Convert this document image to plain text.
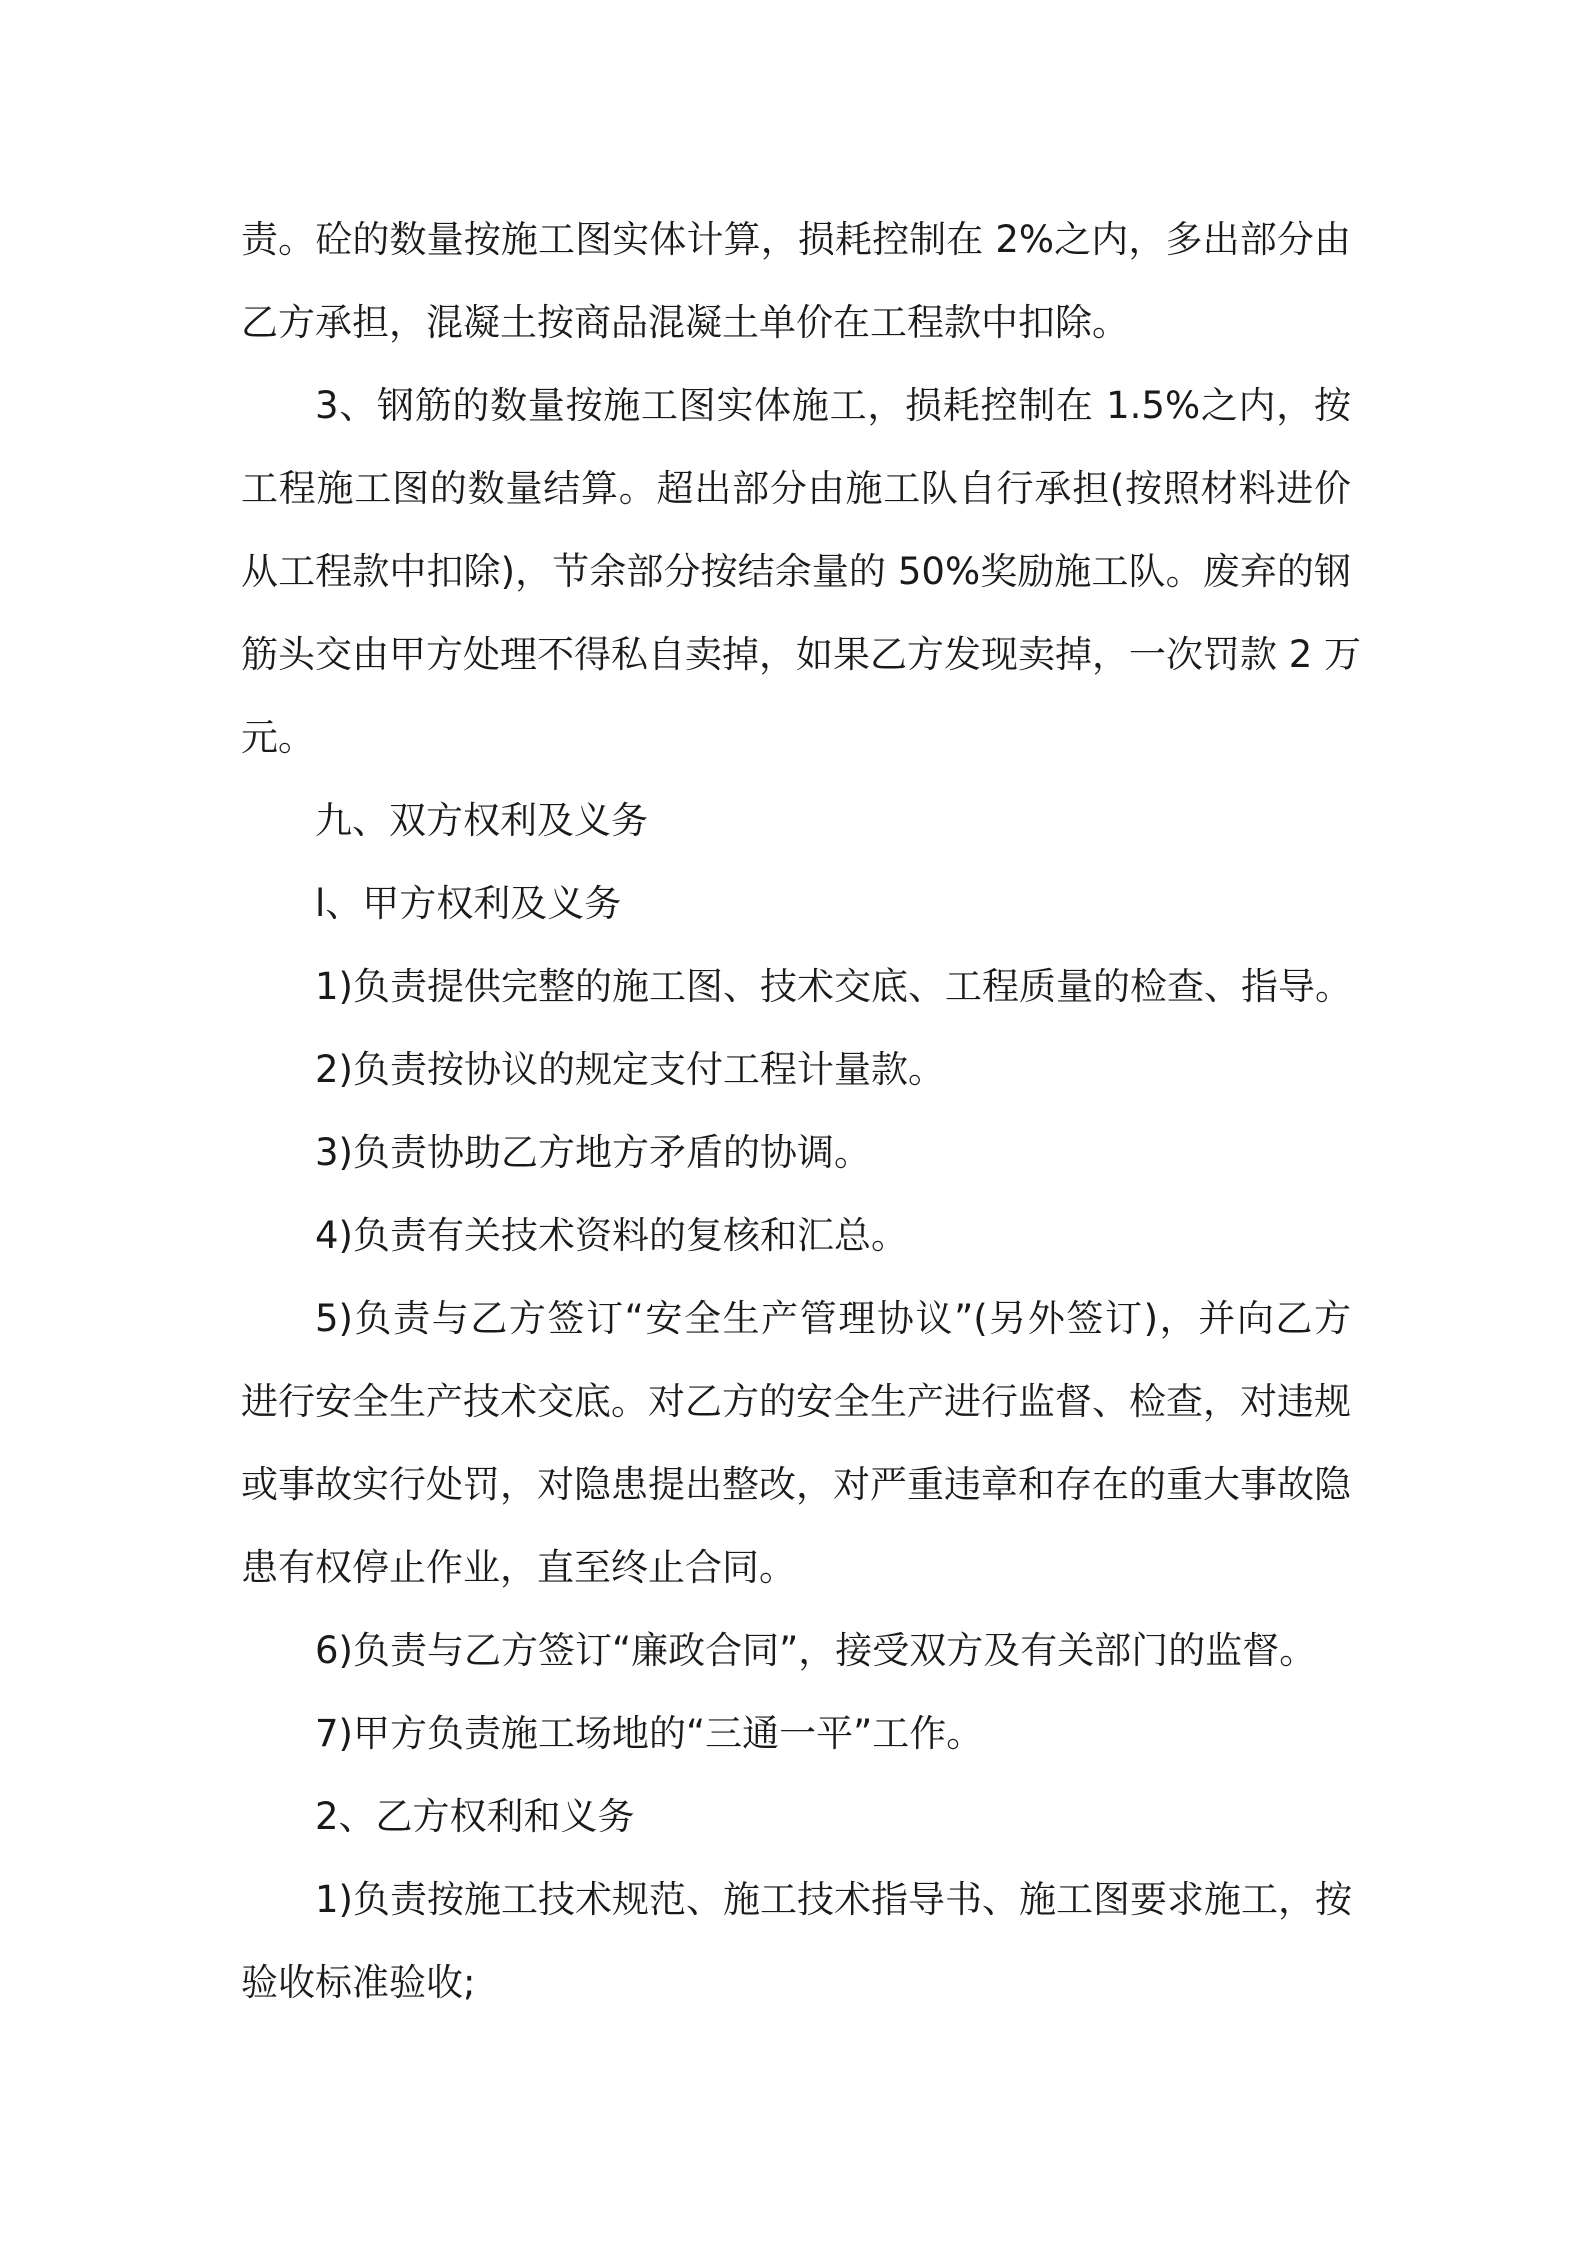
责。砼的数量按施工图实体计算，损耗控制在 2%之内，多出部分由
乙方承担，混凝土按商品混凝土单价在工程款中扣除。
3、钢筋的数量按施工图实体施工，损耗控制在 1.5%之内，按
工程施工图的数量结算。超出部分由施工队自行承担(按照材料进价
从工程款中扣除)，节余部分按结余量的 50%奖励施工队。废弃的钢
筋头交由甲方处理不得私自卖掉，如果乙方发现卖掉，一次罚款 2 万
元。
九、双方权利及义务
l、甲方权利及义务
1)负责提供完整的施工图、技术交底、工程质量的检查、指导。
2)负责按协议的规定支付工程计量款。
3)负责协助乙方地方矛盾的协调。
4)负责有关技术资料的复核和汇总。
5)负责与乙方签订“安全生产管理协议”(另外签订)，并向乙方
进行安全生产技术交底。对乙方的安全生产进行监督、检查，对违规
或事故实行处罚，对隐患提出整改，对严重违章和存在的重大事故隐
患有权停止作业，直至终止合同。
6)负责与乙方签订“廉政合同”，接受双方及有关部门的监督。
7)甲方负责施工场地的“三通一平”工作。
2、乙方权利和义务
1)负责按施工技术规范、施工技术指导书、施工图要求施工，按
验收标准验收;
